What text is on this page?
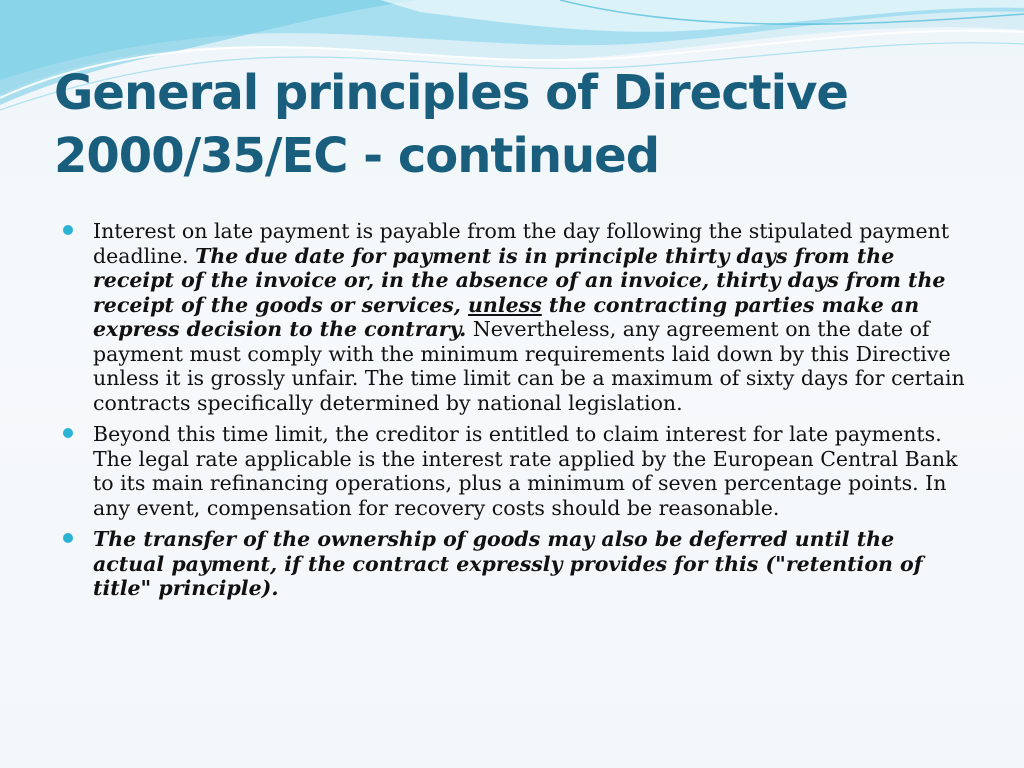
General principles of Directive 2000/35/EC - continued
Interest on late payment is payable from the day following the stipulated payment deadline. The due date for payment is in principle thirty days from the receipt of the invoice or, in the absence of an invoice, thirty days from the receipt of the goods or services, unless the contracting parties make an express decision to the contrary. Nevertheless, any agreement on the date of payment must comply with the minimum requirements laid down by this Directive unless it is grossly unfair. The time limit can be a maximum of sixty days for certain contracts specifically determined by national legislation.
Beyond this time limit, the creditor is entitled to claim interest for late payments. The legal rate applicable is the interest rate applied by the European Central Bank to its main refinancing operations, plus a minimum of seven percentage points. In any event, compensation for recovery costs should be reasonable.
The transfer of the ownership of goods may also be deferred until the actual payment, if the contract expressly provides for this ("retention of title" principle).
